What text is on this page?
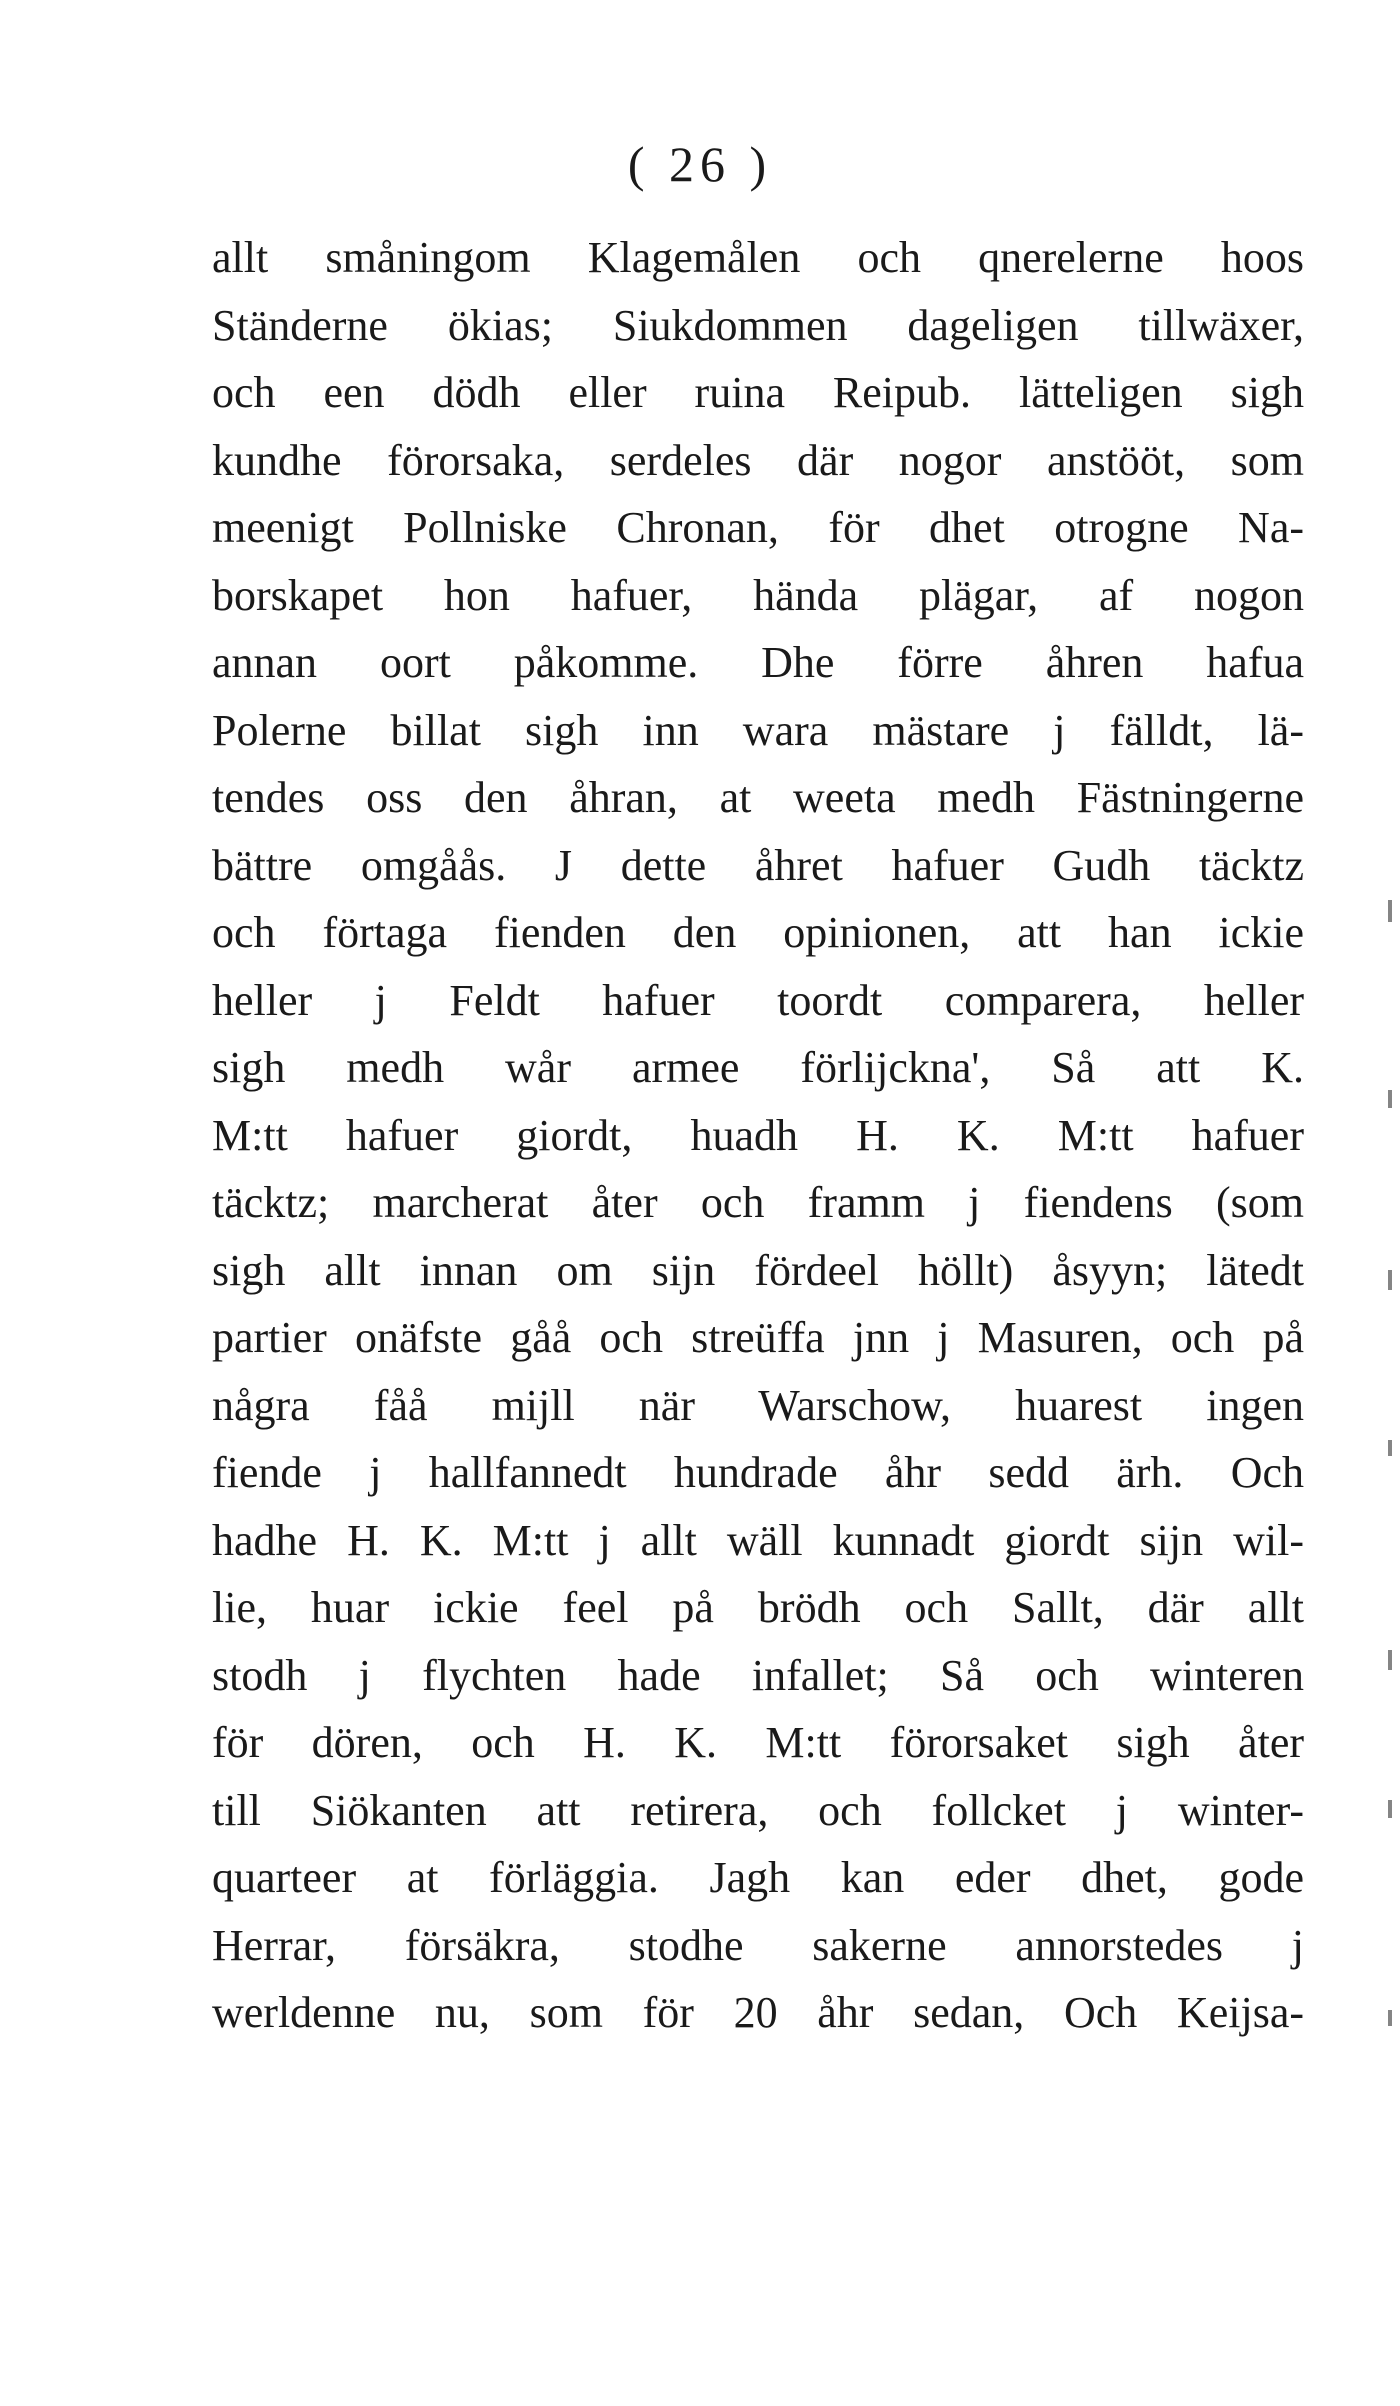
( 26 )
allt småningom Klagemålen och qnerelerne hoos
Ständerne ökias; Siukdommen dageligen tillwäxer,
och een dödh eller ruina Reipub. lätteligen sigh
kundhe förorsaka, serdeles där nogor anstööt, som
meenigt Pollniske Chronan, för dhet otrogne Na-
borskapet hon hafuer, hända plägar, af nogon
annan oort påkomme. Dhe förre åhren hafua
Polerne billat sigh inn wara mästare j fälldt, lä-
tendes oss den åhran, at weeta medh Fästningerne
bättre omgåås. J dette åhret hafuer Gudh täcktz
och förtaga fienden den opinionen, att han ickie
heller j Feldt hafuer toordt comparera, heller
sigh medh wår armee förlijckna', Så att K.
M:tt hafuer giordt, huadh H. K. M:tt hafuer
täcktz; marcherat åter och framm j fiendens (som
sigh allt innan om sijn fördeel höllt) åsyyn; lätedt
partier onäfste gåå och streüffa jnn j Masuren, och på
några fåå mijll när Warschow, huarest ingen
fiende j hallfannedt hundrade åhr sedd ärh. Och
hadhe H. K. M:tt j allt wäll kunnadt giordt sijn wil-
lie, huar ickie feel på brödh och Sallt, där allt
stodh j flychten hade infallet; Så och winteren
för dören, och H. K. M:tt förorsaket sigh åter
till Siökanten att retirera, och follcket j winter-
quarteer at förläggia. Jagh kan eder dhet, gode
Herrar, försäkra, stodhe sakerne annorstedes j
werldenne nu, som för 20 åhr sedan, Och Keijsa-
